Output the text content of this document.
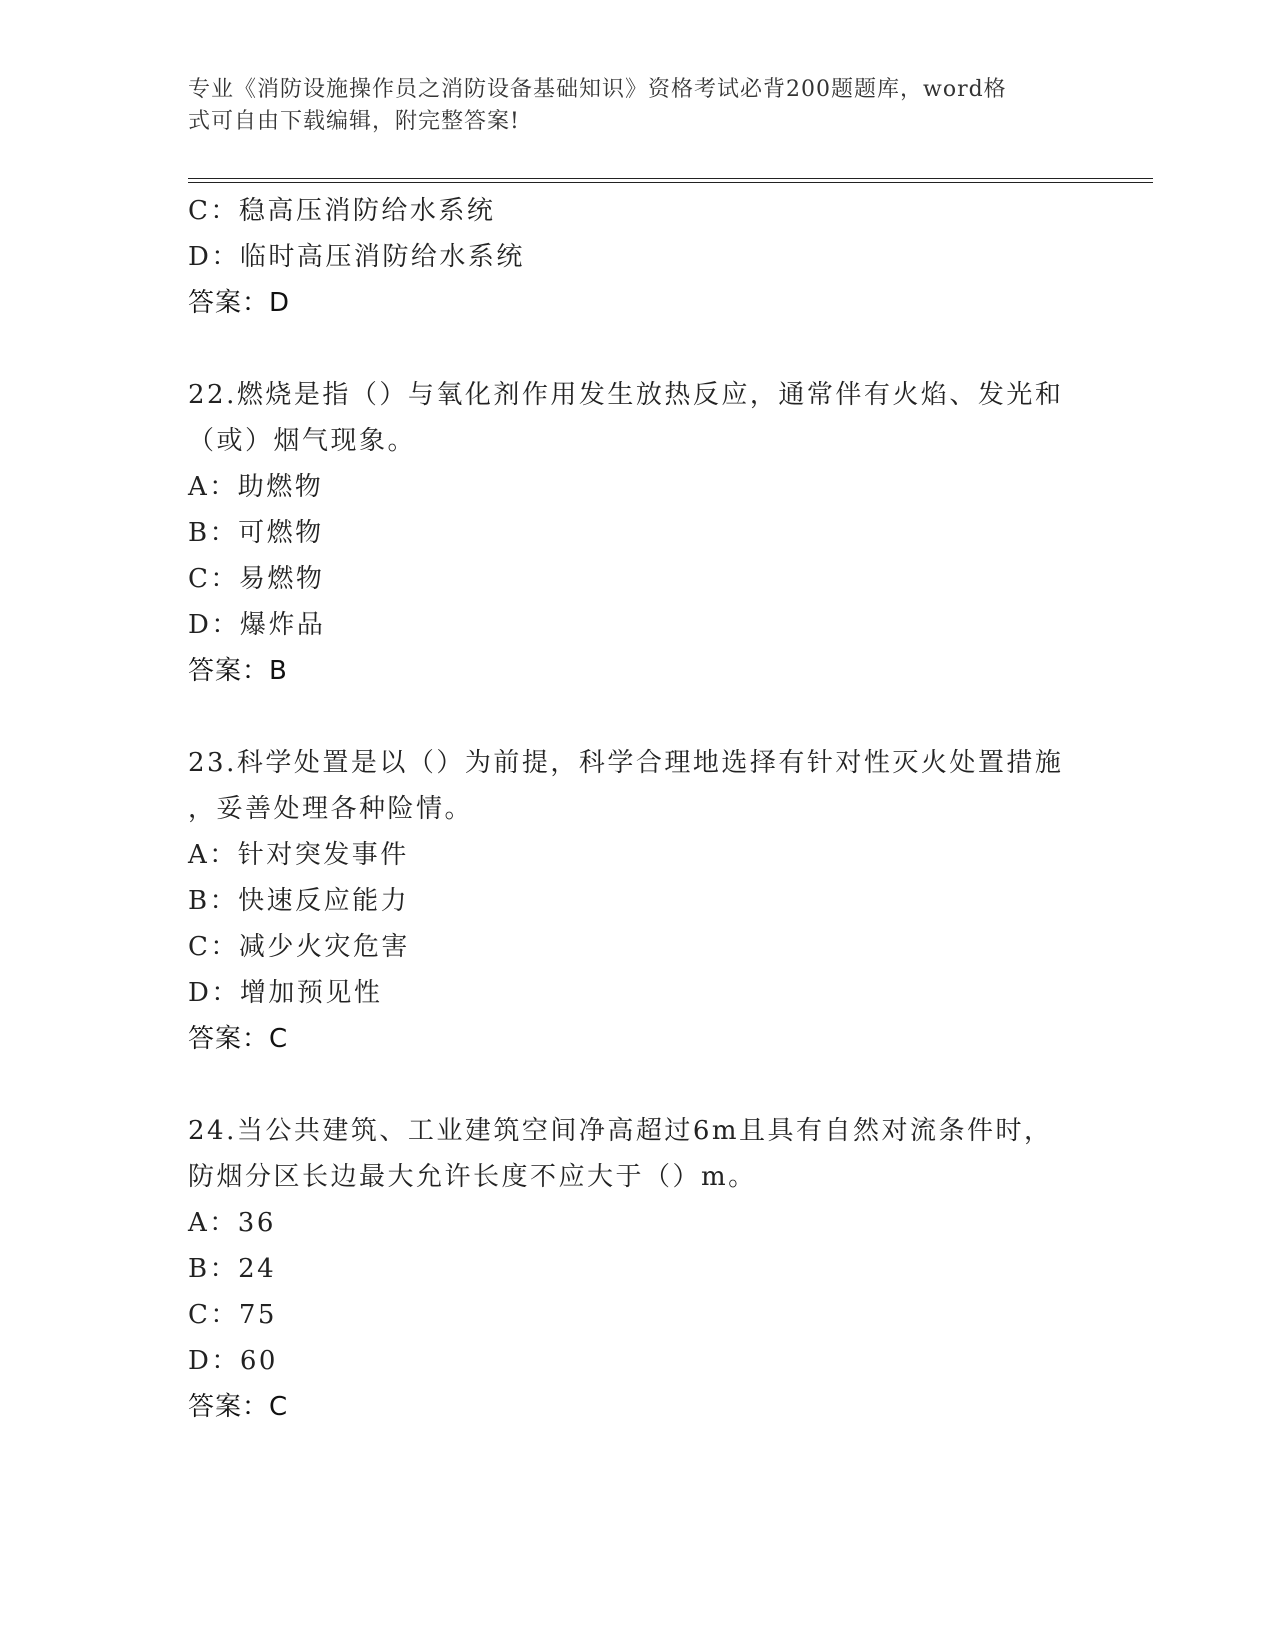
专业《消防设施操作员之消防设备基础知识》资格考试必背200题题库，word格
式可自由下载编辑，附完整答案!
C：稳高压消防给水系统
D：临时高压消防给水系统
答案：D
22.燃烧是指（）与氧化剂作用发生放热反应，通常伴有火焰、发光和
（或）烟气现象。
A：助燃物
B：可燃物
C：易燃物
D：爆炸品
答案：B
23.科学处置是以（）为前提，科学合理地选择有针对性灭火处置措施
，妥善处理各种险情。
A：针对突发事件
B：快速反应能力
C：减少火灾危害
D：增加预见性
答案：C
24.当公共建筑、工业建筑空间净高超过6m且具有自然对流条件时，
防烟分区长边最大允许长度不应大于（）m。
A：36
B：24
C：75
D：60
答案：C
